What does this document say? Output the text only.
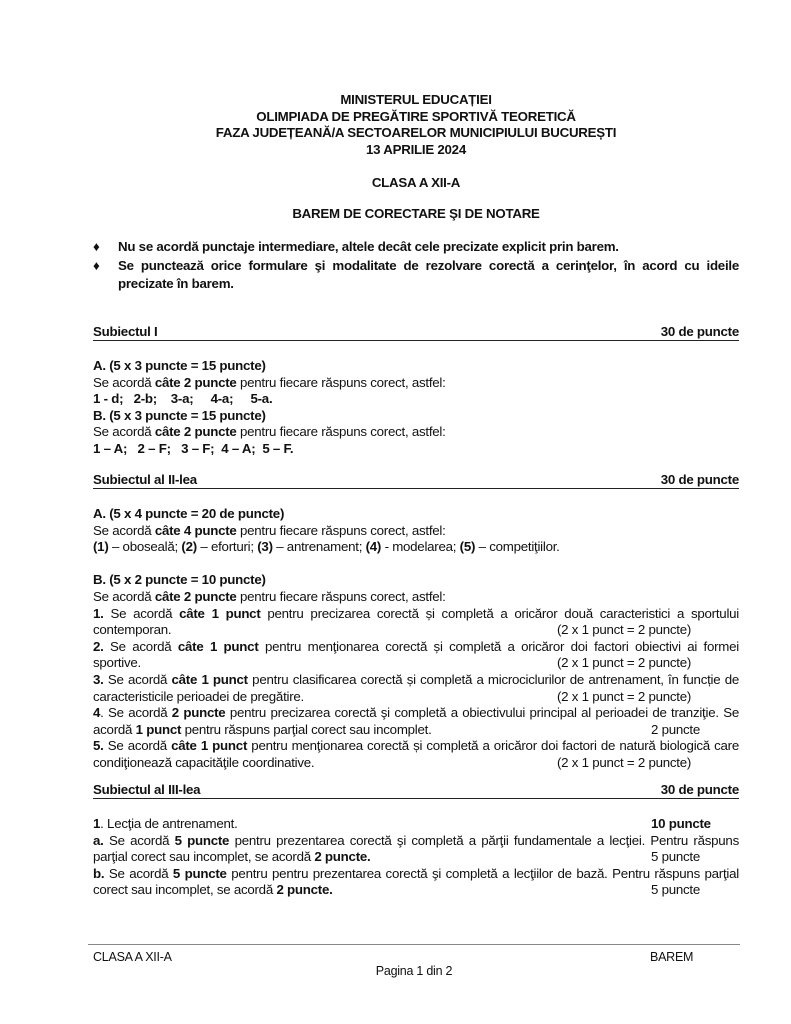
MINISTERUL EDUCAȚIEI
OLIMPIADA DE PREGĂTIRE SPORTIVĂ TEORETICĂ
FAZA JUDEȚEANĂ/A SECTOARELOR MUNICIPIULUI BUCUREȘTI
13 APRILIE 2024
CLASA A XII-A
BAREM DE CORECTARE ŞI DE NOTARE
♦	Nu se acordă punctaje intermediare, altele decât cele precizate explicit prin barem.
♦	Se punctează orice formulare şi modalitate de rezolvare corectă a cerinţelor, în acord cu ideile precizate în barem.
Subiectul I	30 de puncte
A. (5 x 3 puncte = 15 puncte)
Se acordă câte 2 puncte pentru fiecare răspuns corect, astfel:
1 - d;   2-b;    3-a;     4-a;     5-a.
B. (5 x 3 puncte = 15 puncte)
Se acordă câte 2 puncte pentru fiecare răspuns corect, astfel:
1 – A;   2 – F;   3 – F;  4 – A;  5 – F.
Subiectul al II-lea	30 de puncte
A. (5 x 4 puncte = 20 de puncte)
Se acordă câte 4 puncte pentru fiecare răspuns corect, astfel:
(1) – oboseală; (2) – eforturi; (3) – antrenament; (4) - modelarea; (5) – competiţiilor.
B. (5 x 2 puncte = 10 puncte)
Se acordă câte 2 puncte pentru fiecare răspuns corect, astfel:
1. Se acordă câte 1 punct pentru precizarea corectă și completă a oricăror două caracteristici a sportului contemporan.	(2 x 1 punct = 2 puncte)
2. Se acordă câte 1 punct pentru menţionarea corectă și completă a oricăror doi factori obiectivi ai formei sportive.	(2 x 1 punct = 2 puncte)
3. Se acordă câte 1 punct pentru clasificarea corectă și completă a microciclurilor de antrenament, în funcție de caracteristicile perioadei de pregătire.	(2 x 1 punct = 2 puncte)
4. Se acordă 2 puncte pentru precizarea corectă şi completă a obiectivului principal al perioadei de tranziţie. Se acordă 1 punct pentru răspuns parţial corect sau incomplet.	2 puncte
5. Se acordă câte 1 punct pentru menţionarea corectă și completă a oricăror doi factori de natură biologică care condiţionează capacităţile coordinative.	(2 x 1 punct = 2 puncte)
Subiectul al III-lea	30 de puncte
1. Lecţia de antrenament.	10 puncte
a. Se acordă 5 puncte pentru prezentarea corectă şi completă a părţii fundamentale a lecţiei. Pentru răspuns parţial corect sau incomplet, se acordă 2 puncte.	5 puncte
b. Se acordă 5 puncte pentru pentru prezentarea corectă şi completă a lecţiilor de bază. Pentru răspuns parţial corect sau incomplet, se acordă 2 puncte.	5 puncte
CLASA A XII-A	BAREM
Pagina 1 din 2
